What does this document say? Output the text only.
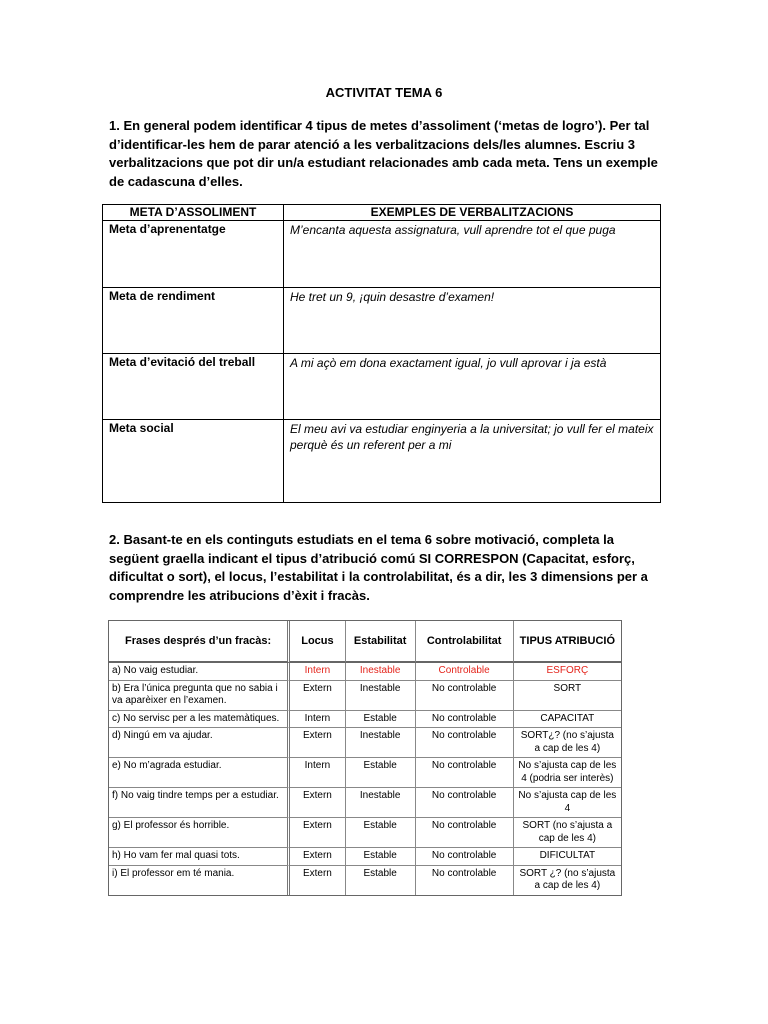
ACTIVITAT TEMA 6
1. En general podem identificar 4 tipus de metes d’assoliment (‘metas de logro’). Per tal d’identificar-les hem de parar atenció a les verbalitzacions dels/les alumnes. Escriu 3 verbalitzacions que pot dir un/a estudiant relacionades amb cada meta. Tens un exemple de cadascuna d’elles.
META D’ASSOLIMENT	EXEMPLES DE VERBALITZACIONS
Meta d’aprenentatge	M’encanta aquesta assignatura, vull aprendre tot el que puga
Meta de rendiment	He tret un 9, ¡quin desastre d’examen!
Meta d’evitació del treball	A mi açò em dona exactament igual, jo vull aprovar i ja està
Meta social	El meu avi va estudiar enginyeria a la universitat; jo vull fer el mateix perquè és un referent per a mi
2. Basant-te en els continguts estudiats en el tema 6 sobre motivació, completa la següent graella indicant el tipus d’atribució comú SI CORRESPON (Capacitat, esforç, dificultat o sort), el locus, l’estabilitat i la controlabilitat, és a dir, les 3 dimensions per a comprendre les atribucions d’èxit i fracàs.
Frases després d’un fracàs:	Locus	Estabilitat	Controlabilitat	TIPUS ATRIBUCIÓ
a) No vaig estudiar.	Intern	Inestable	Controlable	ESFORÇ
b) Era l’única pregunta que no sabia i va aparèixer en l’examen.	Extern	Inestable	No controlable	SORT
c) No servisc per a les matemàtiques.	Intern	Estable	No controlable	CAPACITAT
d) Ningú em va ajudar.	Extern	Inestable	No controlable	SORT¿? (no s’ajusta a cap de les 4)
e) No m’agrada estudiar.	Intern	Estable	No controlable	No s’ajusta cap de les 4 (podria ser interès)
f) No vaig tindre temps per a estudiar.	Extern	Inestable	No controlable	No s’ajusta cap de les 4
g) El professor és horrible.	Extern	Estable	No controlable	SORT (no s’ajusta a cap de les 4)
h) Ho vam fer mal quasi tots.	Extern	Estable	No controlable	DIFICULTAT
i) El professor em té mania.	Extern	Estable	No controlable	SORT ¿? (no s’ajusta a cap de les 4)
